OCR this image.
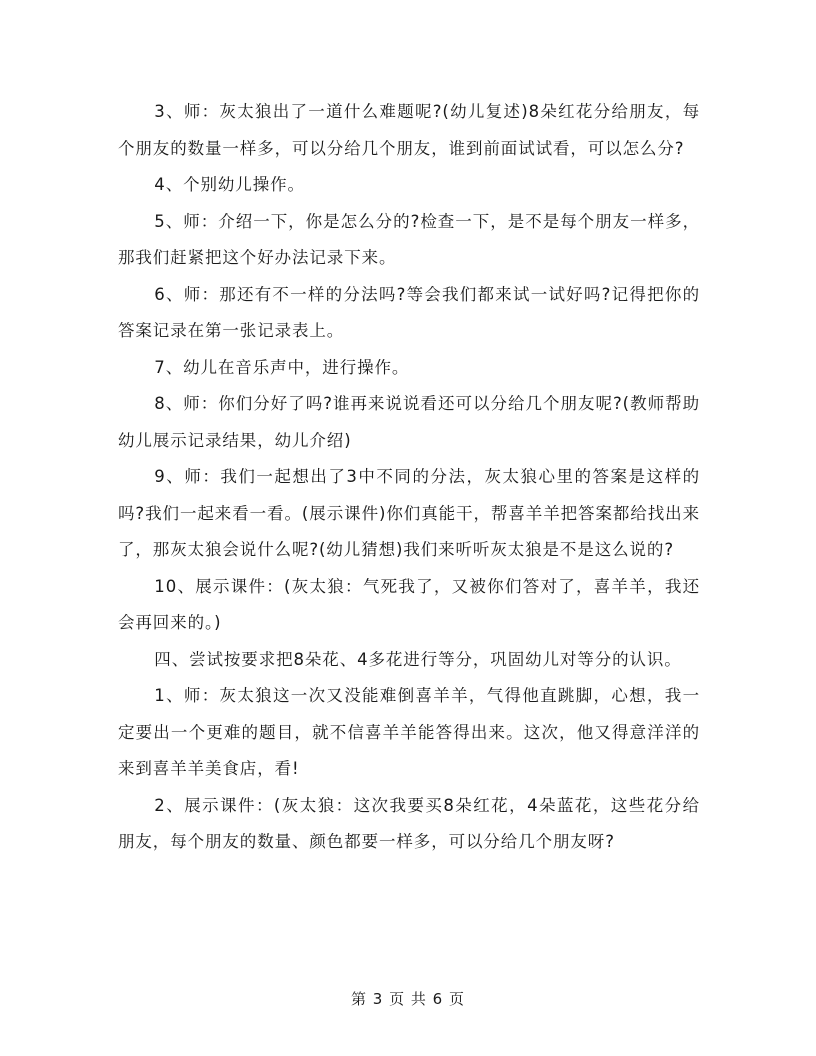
3、师：灰太狼出了一道什么难题呢?(幼儿复述)8朵红花分给朋友，每个朋友的数量一样多，可以分给几个朋友，谁到前面试试看，可以怎么分?

4、个别幼儿操作。

5、师：介绍一下，你是怎么分的?检查一下，是不是每个朋友一样多，那我们赶紧把这个好办法记录下来。

6、师：那还有不一样的分法吗?等会我们都来试一试好吗?记得把你的答案记录在第一张记录表上。

7、幼儿在音乐声中，进行操作。

8、师：你们分好了吗?谁再来说说看还可以分给几个朋友呢?(教师帮助幼儿展示记录结果，幼儿介绍)

9、师：我们一起想出了3中不同的分法，灰太狼心里的答案是这样的吗?我们一起来看一看。(展示课件)你们真能干，帮喜羊羊把答案都给找出来了，那灰太狼会说什么呢?(幼儿猜想)我们来听听灰太狼是不是这么说的?

10、展示课件：(灰太狼：气死我了，又被你们答对了，喜羊羊，我还会再回来的。)

四、尝试按要求把8朵花、4多花进行等分，巩固幼儿对等分的认识。

1、师：灰太狼这一次又没能难倒喜羊羊，气得他直跳脚，心想，我一定要出一个更难的题目，就不信喜羊羊能答得出来。这次，他又得意洋洋的来到喜羊羊美食店，看!

2、展示课件：(灰太狼：这次我要买8朵红花，4朵蓝花，这些花分给朋友，每个朋友的数量、颜色都要一样多，可以分给几个朋友呀?

第 3 页 共 6 页
